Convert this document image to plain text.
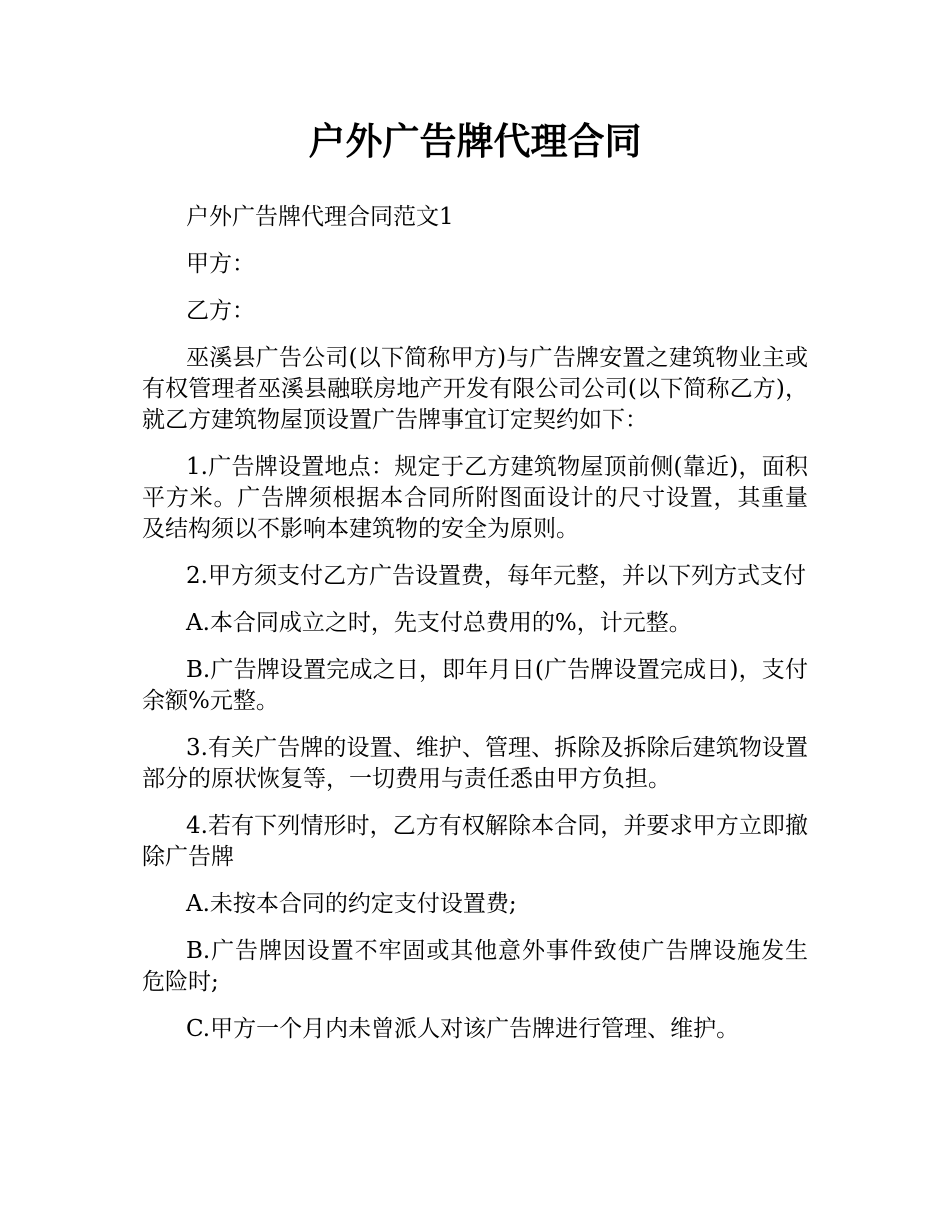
户外广告牌代理合同

户外广告牌代理合同范文1

甲方：

乙方：

巫溪县广告公司(以下简称甲方)与广告牌安置之建筑物业主或有权管理者巫溪县融联房地产开发有限公司公司(以下简称乙方)，就乙方建筑物屋顶设置广告牌事宜订定契约如下：

1.广告牌设置地点：规定于乙方建筑物屋顶前侧(靠近)，面积平方米。广告牌须根据本合同所附图面设计的尺寸设置，其重量及结构须以不影响本建筑物的安全为原则。

2.甲方须支付乙方广告设置费，每年元整，并以下列方式支付

A.本合同成立之时，先支付总费用的%，计元整。

B.广告牌设置完成之日，即年月日(广告牌设置完成日)，支付余额%元整。

3.有关广告牌的设置、维护、管理、拆除及拆除后建筑物设置部分的原状恢复等，一切费用与责任悉由甲方负担。

4.若有下列情形时，乙方有权解除本合同，并要求甲方立即撤除广告牌

A.未按本合同的约定支付设置费;

B.广告牌因设置不牢固或其他意外事件致使广告牌设施发生危险时;

C.甲方一个月内未曾派人对该广告牌进行管理、维护。
